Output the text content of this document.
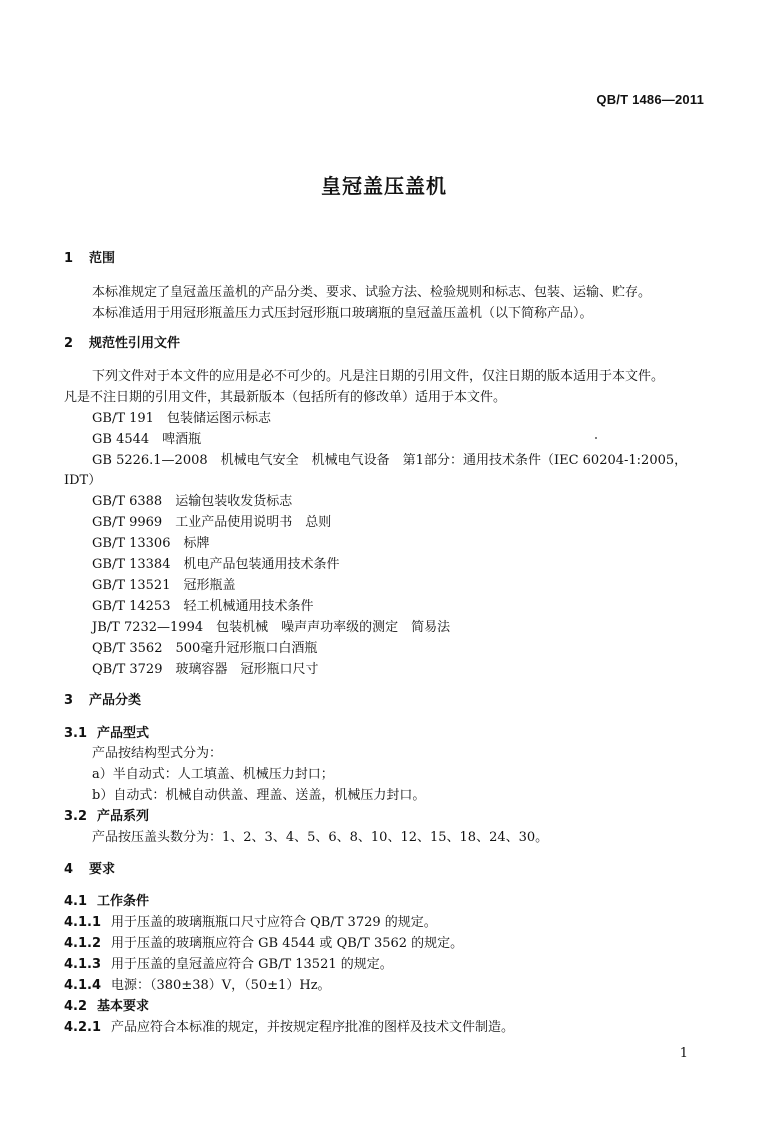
QB/T 1486—2011
皇冠盖压盖机
1 范围
本标准规定了皇冠盖压盖机的产品分类、要求、试验方法、检验规则和标志、包装、运输、贮存。
本标准适用于用冠形瓶盖压力式压封冠形瓶口玻璃瓶的皇冠盖压盖机（以下简称产品）。
2 规范性引用文件
下列文件对于本文件的应用是必不可少的。凡是注日期的引用文件，仅注日期的版本适用于本文件。
凡是不注日期的引用文件，其最新版本（包括所有的修改单）适用于本文件。
GB/T 191　 包装储运图示标志
GB 4544　 啤酒瓶
GB 5226.1—2008　 机械电气安全　机械电气设备　第1部分：通用技术条件（IEC 60204-1:2005，
IDT）
GB/T 6388　 运输包装收发货标志
GB/T 9969　 工业产品使用说明书　总则
GB/T 13306　 标牌
GB/T 13384　 机电产品包装通用技术条件
GB/T 13521　 冠形瓶盖
GB/T 14253　 轻工机械通用技术条件
JB/T 7232—1994　 包装机械　噪声声功率级的测定　简易法
QB/T 3562　 500毫升冠形瓶口白酒瓶
QB/T 3729　 玻璃容器　冠形瓶口尺寸
3 产品分类
3.1 产品型式
产品按结构型式分为：
a）半自动式：人工填盖、机械压力封口；
b）自动式：机械自动供盖、理盖、送盖，机械压力封口。
3.2 产品系列
产品按压盖头数分为：1、2、3、4、5、6、8、10、12、15、18、24、30。
4 要求
4.1 工作条件
4.1.1 用于压盖的玻璃瓶瓶口尺寸应符合 QB/T 3729 的规定。
4.1.2 用于压盖的玻璃瓶应符合 GB 4544 或 QB/T 3562 的规定。
4.1.3 用于压盖的皇冠盖应符合 GB/T 13521 的规定。
4.1.4 电源：（380±38）V，（50±1）Hz。
4.2 基本要求
4.2.1 产品应符合本标准的规定，并按规定程序批准的图样及技术文件制造。
1
